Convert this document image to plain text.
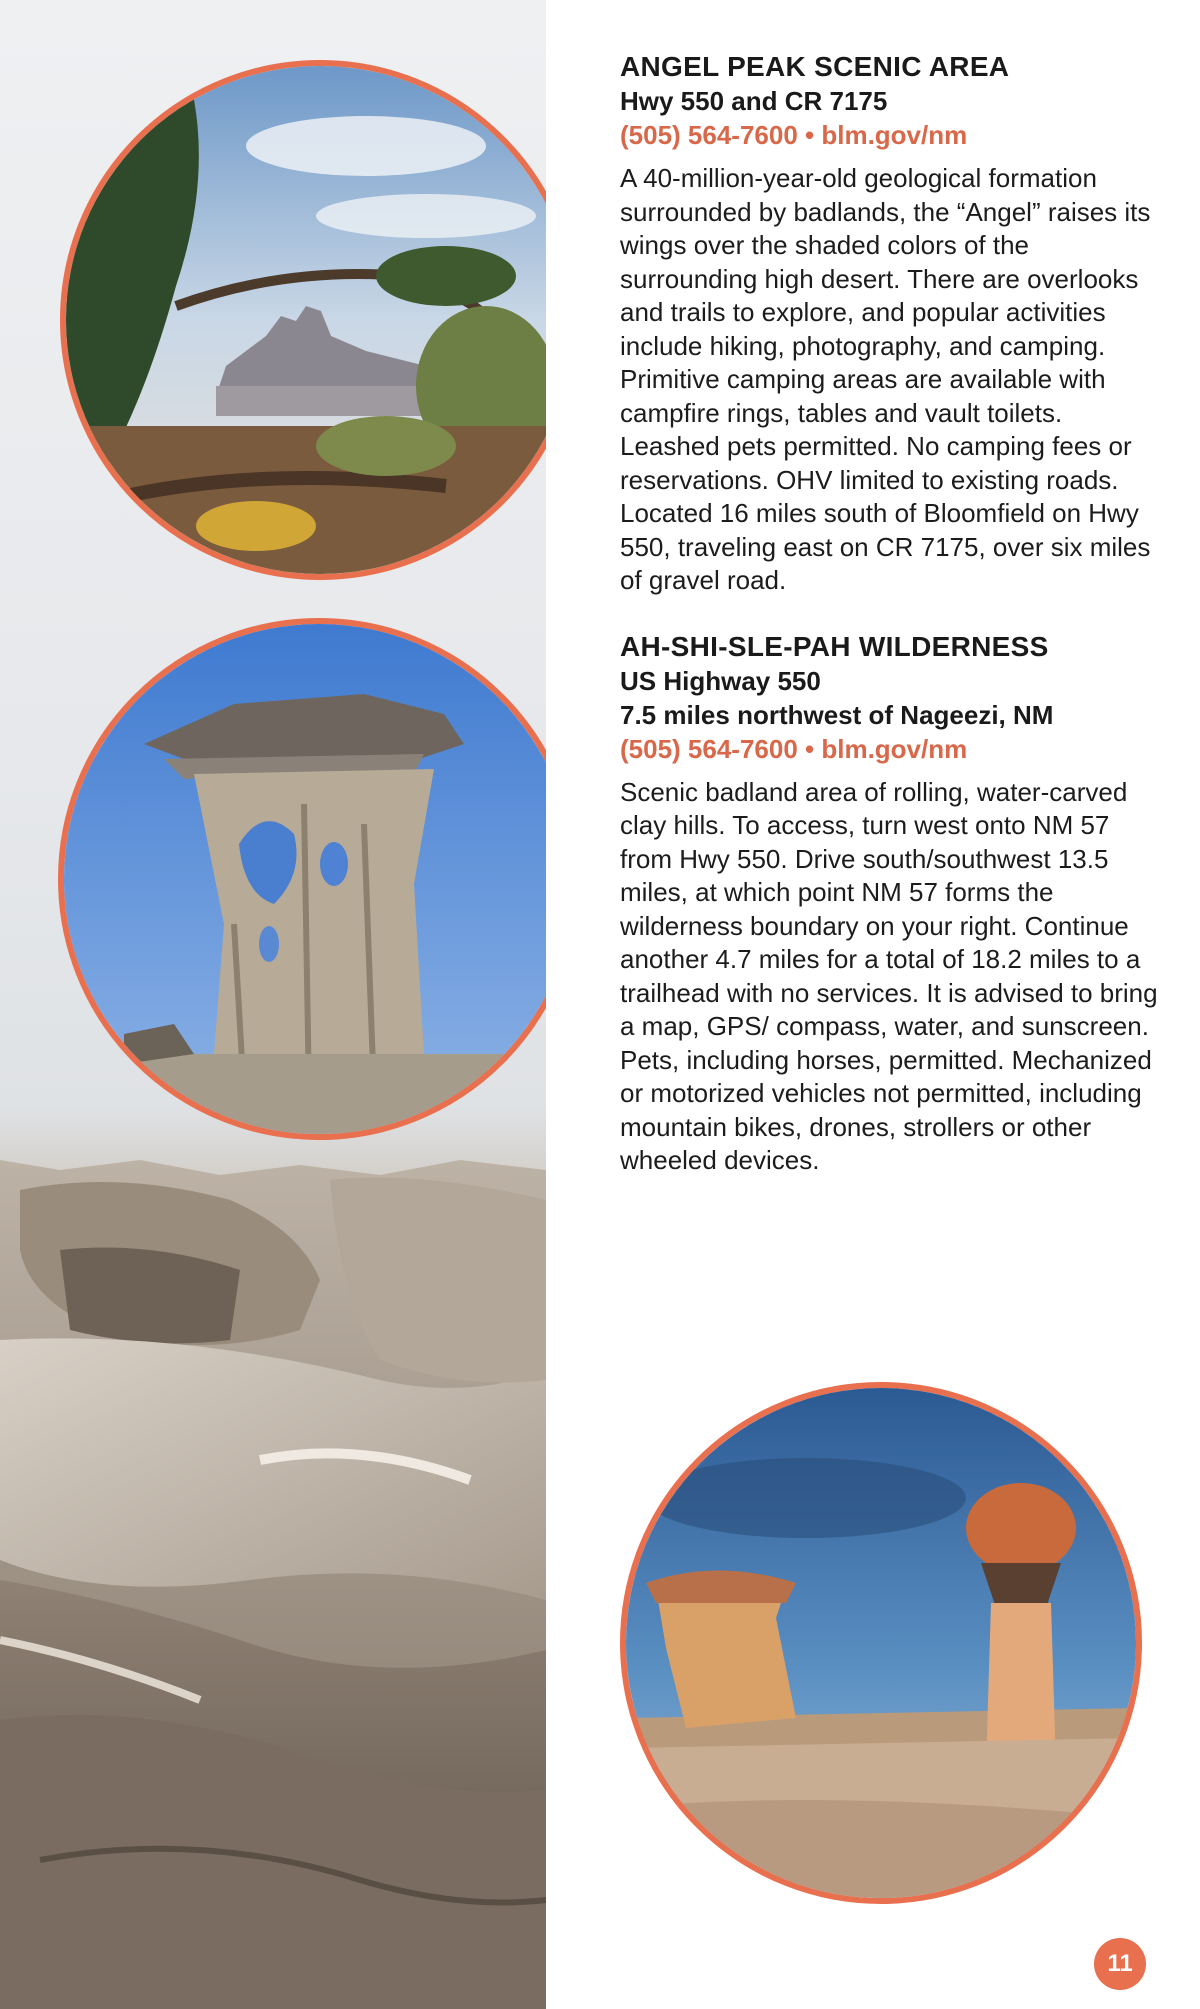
ANGEL PEAK SCENIC AREA
Hwy 550 and CR 7175
(505) 564-7600 • blm.gov/nm

A 40-million-year-old geological formation surrounded by badlands, the “Angel” raises its wings over the shaded colors of the surrounding high desert. There are overlooks and trails to explore, and popular activities include hiking, photography, and camping. Primitive camping areas are available with campfire rings, tables and vault toilets. Leashed pets permitted. No camping fees or reservations. OHV limited to existing roads. Located 16 miles south of Bloomfield on Hwy 550, traveling east on CR 7175, over six miles of gravel road.

AH-SHI-SLE-PAH WILDERNESS
US Highway 550
7.5 miles northwest of Nageezi, NM
(505) 564-7600 • blm.gov/nm

Scenic badland area of rolling, water-carved clay hills. To access, turn west onto NM 57 from Hwy 550. Drive south/southwest 13.5 miles, at which point NM 57 forms the wilderness boundary on your right. Continue another 4.7 miles for a total of 18.2 miles to a trailhead with no services. It is advised to bring a map, GPS/ compass, water, and sunscreen. Pets, including horses, permitted. Mechanized or motorized vehicles not permitted, including mountain bikes, drones, strollers or other wheeled devices.

11
